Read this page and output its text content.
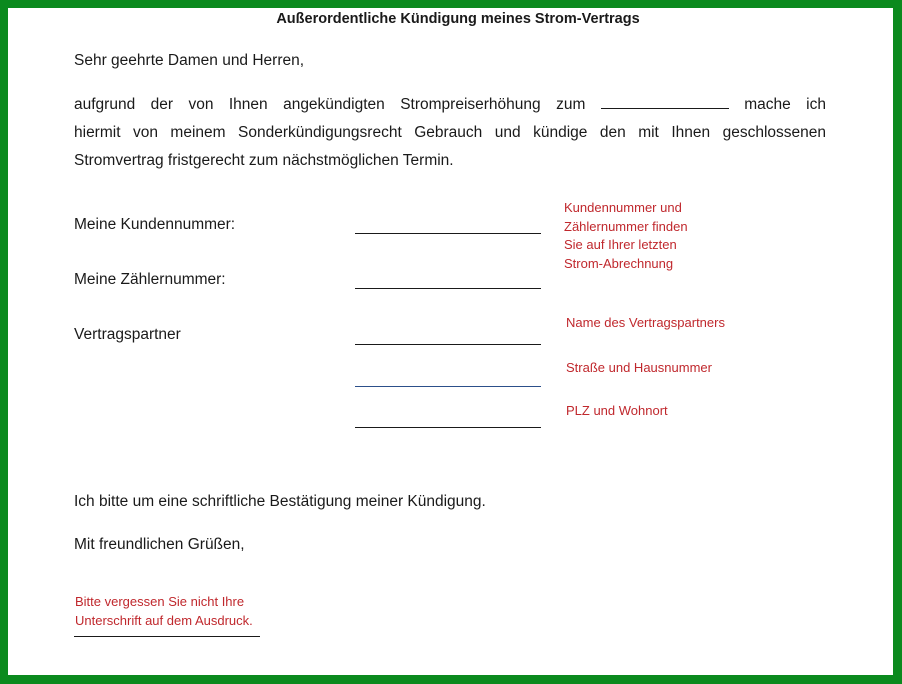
Außerordentliche Kündigung meines Strom-Vertrags
Sehr geehrte Damen und Herren,
aufgrund der von Ihnen angekündigten Strompreiserhöhung zum	mache ich
hiermit von meinem Sonderkündigungsrecht Gebrauch und kündige den mit Ihnen geschlossenen
Stromvertrag fristgerecht zum nächstmöglichen Termin.
Meine Kundennummer:
Meine Zählernummer:
Vertragspartner
Kundennummer und
Zählernummer finden
Sie auf Ihrer letzten
Strom-Abrechnung
Name des Vertragspartners
Straße und Hausnummer
PLZ und Wohnort
Ich bitte um eine schriftliche Bestätigung meiner Kündigung.
Mit freundlichen Grüßen,
Bitte vergessen Sie nicht Ihre
Unterschrift auf dem Ausdruck.
